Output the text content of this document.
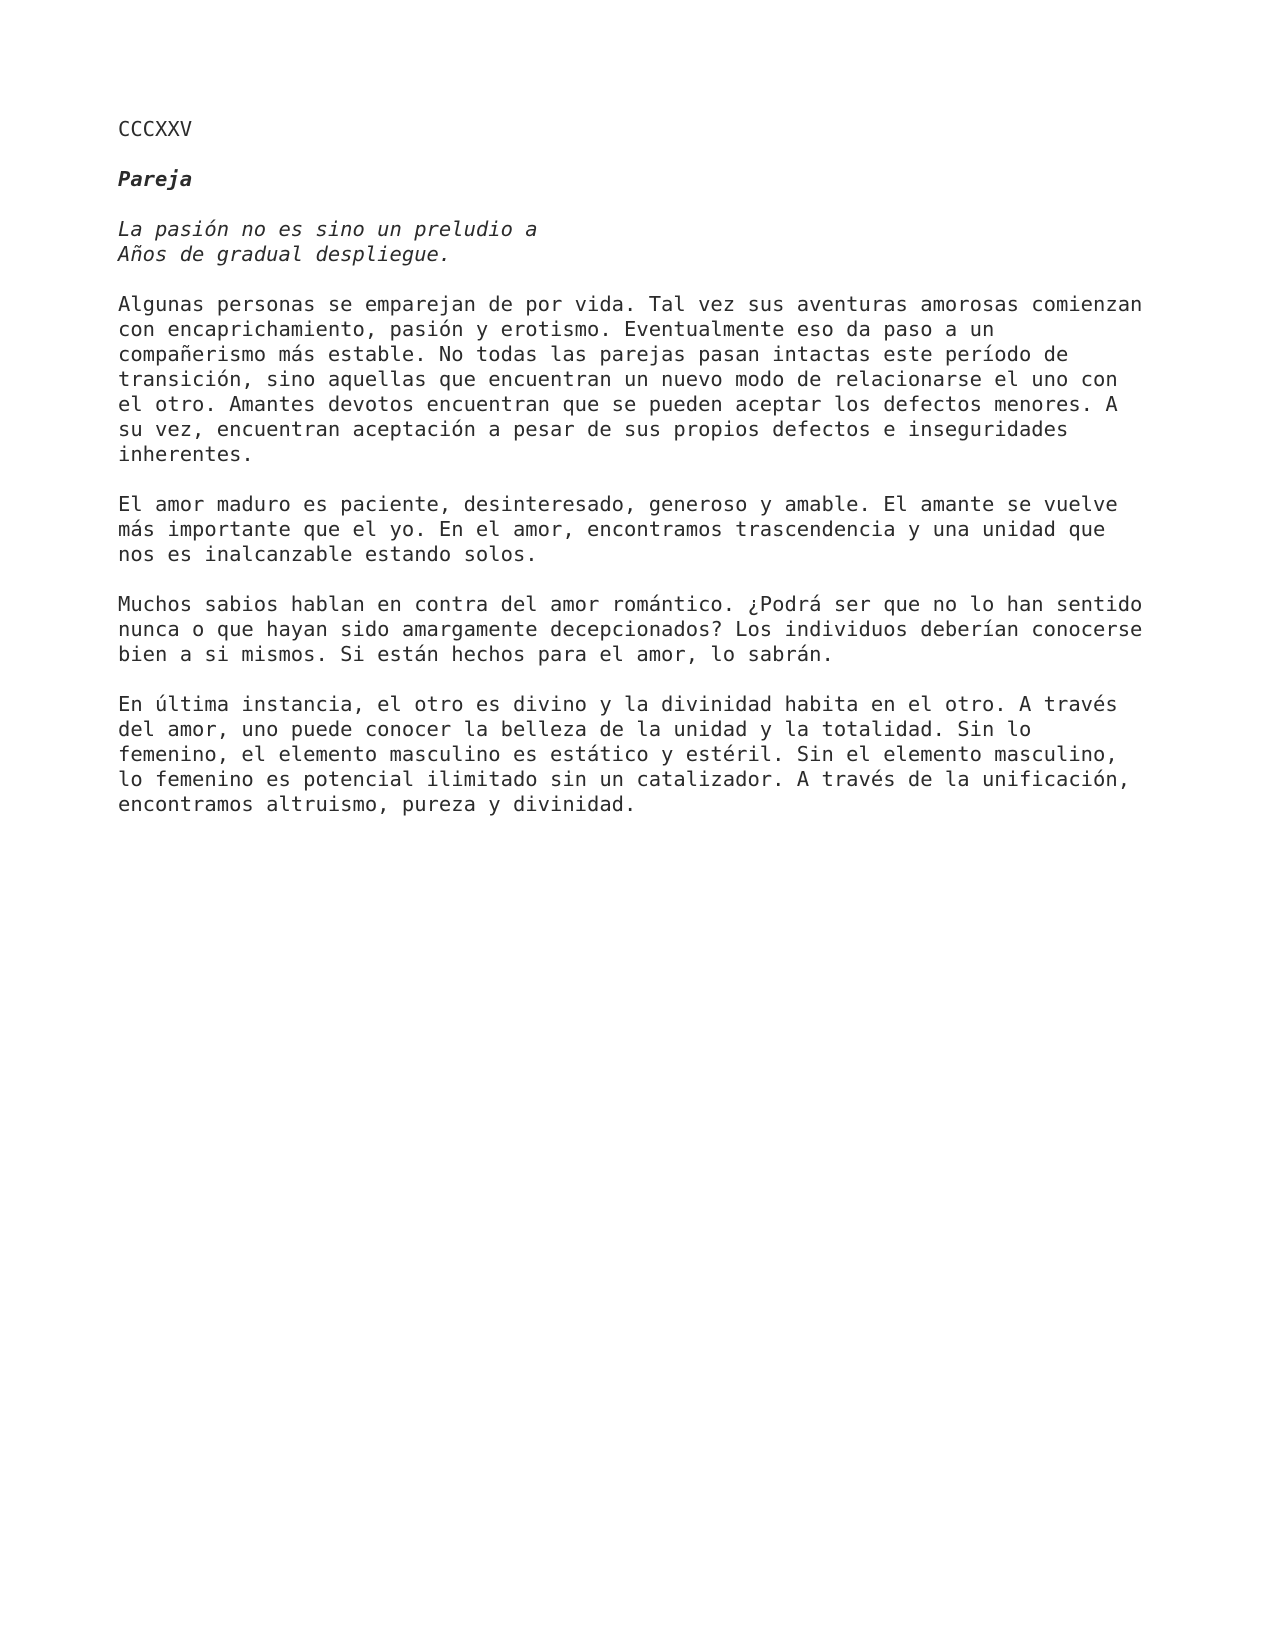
CCCXXV
Pareja
La pasión no es sino un preludio a
Años de gradual despliegue.
Algunas personas se emparejan de por vida. Tal vez sus aventuras amorosas comienzan
con encaprichamiento, pasión y erotismo. Eventualmente eso da paso a un
compañerismo más estable. No todas las parejas pasan intactas este período de
transición, sino aquellas que encuentran un nuevo modo de relacionarse el uno con
el otro. Amantes devotos encuentran que se pueden aceptar los defectos menores. A
su vez, encuentran aceptación a pesar de sus propios defectos e inseguridades
inherentes.
El amor maduro es paciente, desinteresado, generoso y amable. El amante se vuelve
más importante que el yo. En el amor, encontramos trascendencia y una unidad que
nos es inalcanzable estando solos.
Muchos sabios hablan en contra del amor romántico. ¿Podrá ser que no lo han sentido
nunca o que hayan sido amargamente decepcionados? Los individuos deberían conocerse
bien a si mismos. Si están hechos para el amor, lo sabrán.
En última instancia, el otro es divino y la divinidad habita en el otro. A través
del amor, uno puede conocer la belleza de la unidad y la totalidad. Sin lo
femenino, el elemento masculino es estático y estéril. Sin el elemento masculino,
lo femenino es potencial ilimitado sin un catalizador. A través de la unificación,
encontramos altruismo, pureza y divinidad.
